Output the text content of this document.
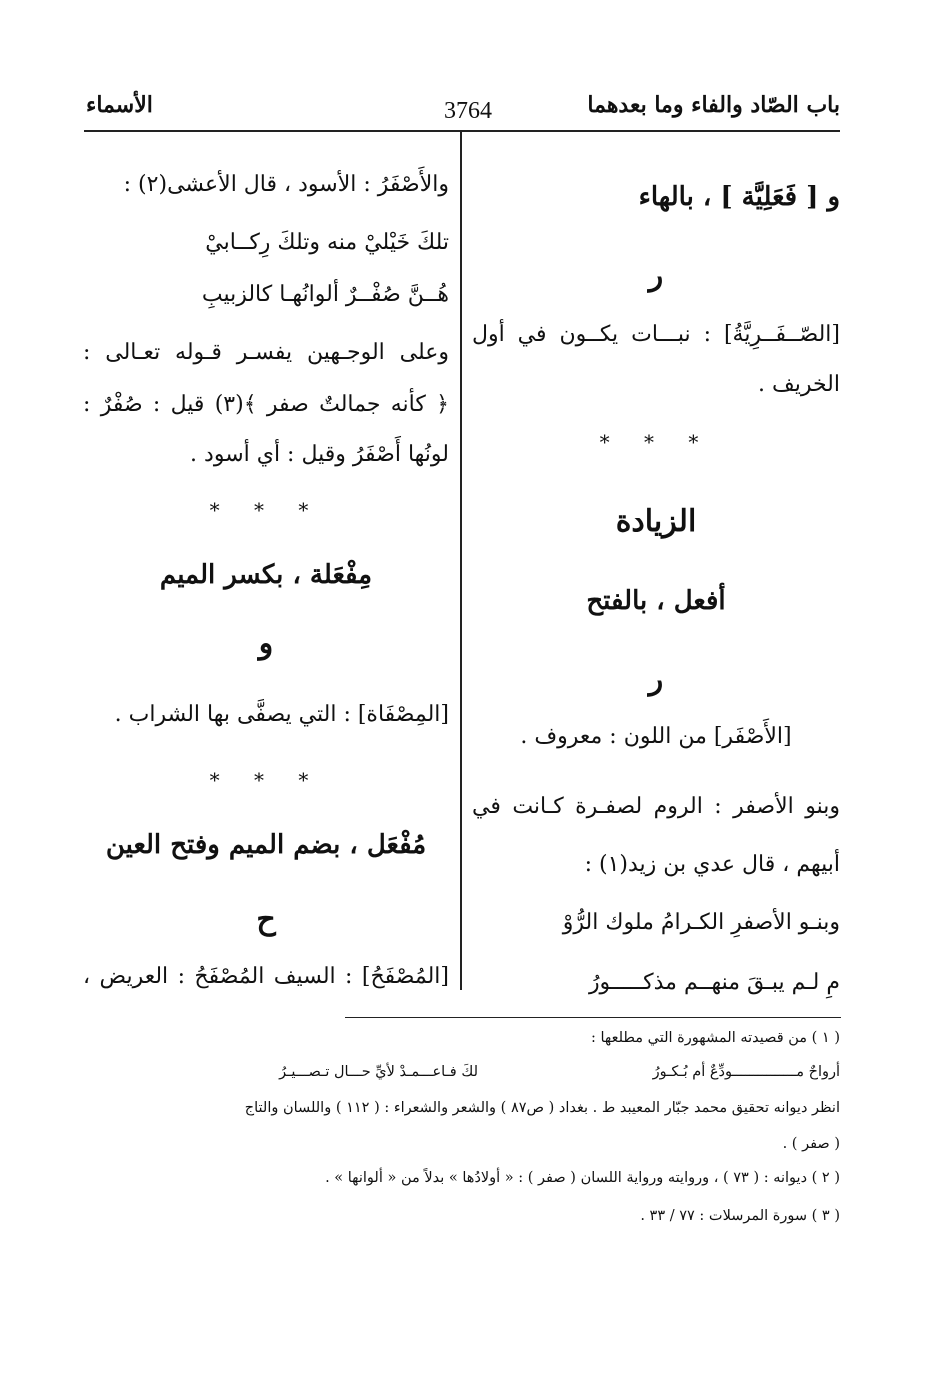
باب الصّاد والفاء وما بعدهما
3764
الأسماء
و [ فَعَلِيَّة ] ، بالهاء
ر
[الصّــفَــرِيَّةُ] : نبـــات يكــون في أول
الخريف .
* * *
الزيادة
أفعل ، بالفتح
ر
[الأَصْفَر] من اللون : معروف .
وبنو الأصفر : الروم لصفـرة كـانت في
أبيهم ، قال عدي بن زيد(١) :
وبنـو الأصفرِ الكـرامُ ملوك الرُّوْ
مِ لـم يبـقَ منهــم مذكـــــورُ
والأَصْفَرُ : الأسود ، قال الأعشى(٢) :
تلكَ خَيْليْ منه وتلكَ رِكــابيْ
هُــنَّ صُفْــرٌ ألوانُهـا كالزبيبِ
وعلى الوجـهين يفسـر قـوله تعـالى :
﴿ كأنه جمالتٌ صفر ﴾(٣) قيل : صُفْرٌ :
لونُها أَصْفَرُ وقيل : أي أسود .
* * *
مِفْعَلة ، بكسر الميم
و
[المِصْفَاة] : التي يصفَّى بها الشراب .
* * *
مُفْعَل ، بضم الميم وفتح العين
ح
[المُصْفَحُ] : السيف المُصْفَحُ : العريض ،
( ١ ) من قصيدته المشهورة التي مطلعها :
أرواحٌ مـــــــــــــــودِّعٌ أم بُـكـورُ
لكَ فـاعـــمـدْ لأيِّ حـــال تـصـــيـرُ
انظر ديوانه تحقيق محمد جبّار المعيبد ط . بغداد ( ص٨٧ ) والشعر والشعراء : ( ١١٢ ) واللسان والتاج
( صفر ) .
( ٢ ) ديوانه : ( ٧٣ ) ، وروايته ورواية اللسان ( صفر ) : « أولادُها » بدلاً من « ألوانها » .
( ٣ ) سورة المرسلات : ٧٧ / ٣٣ .
